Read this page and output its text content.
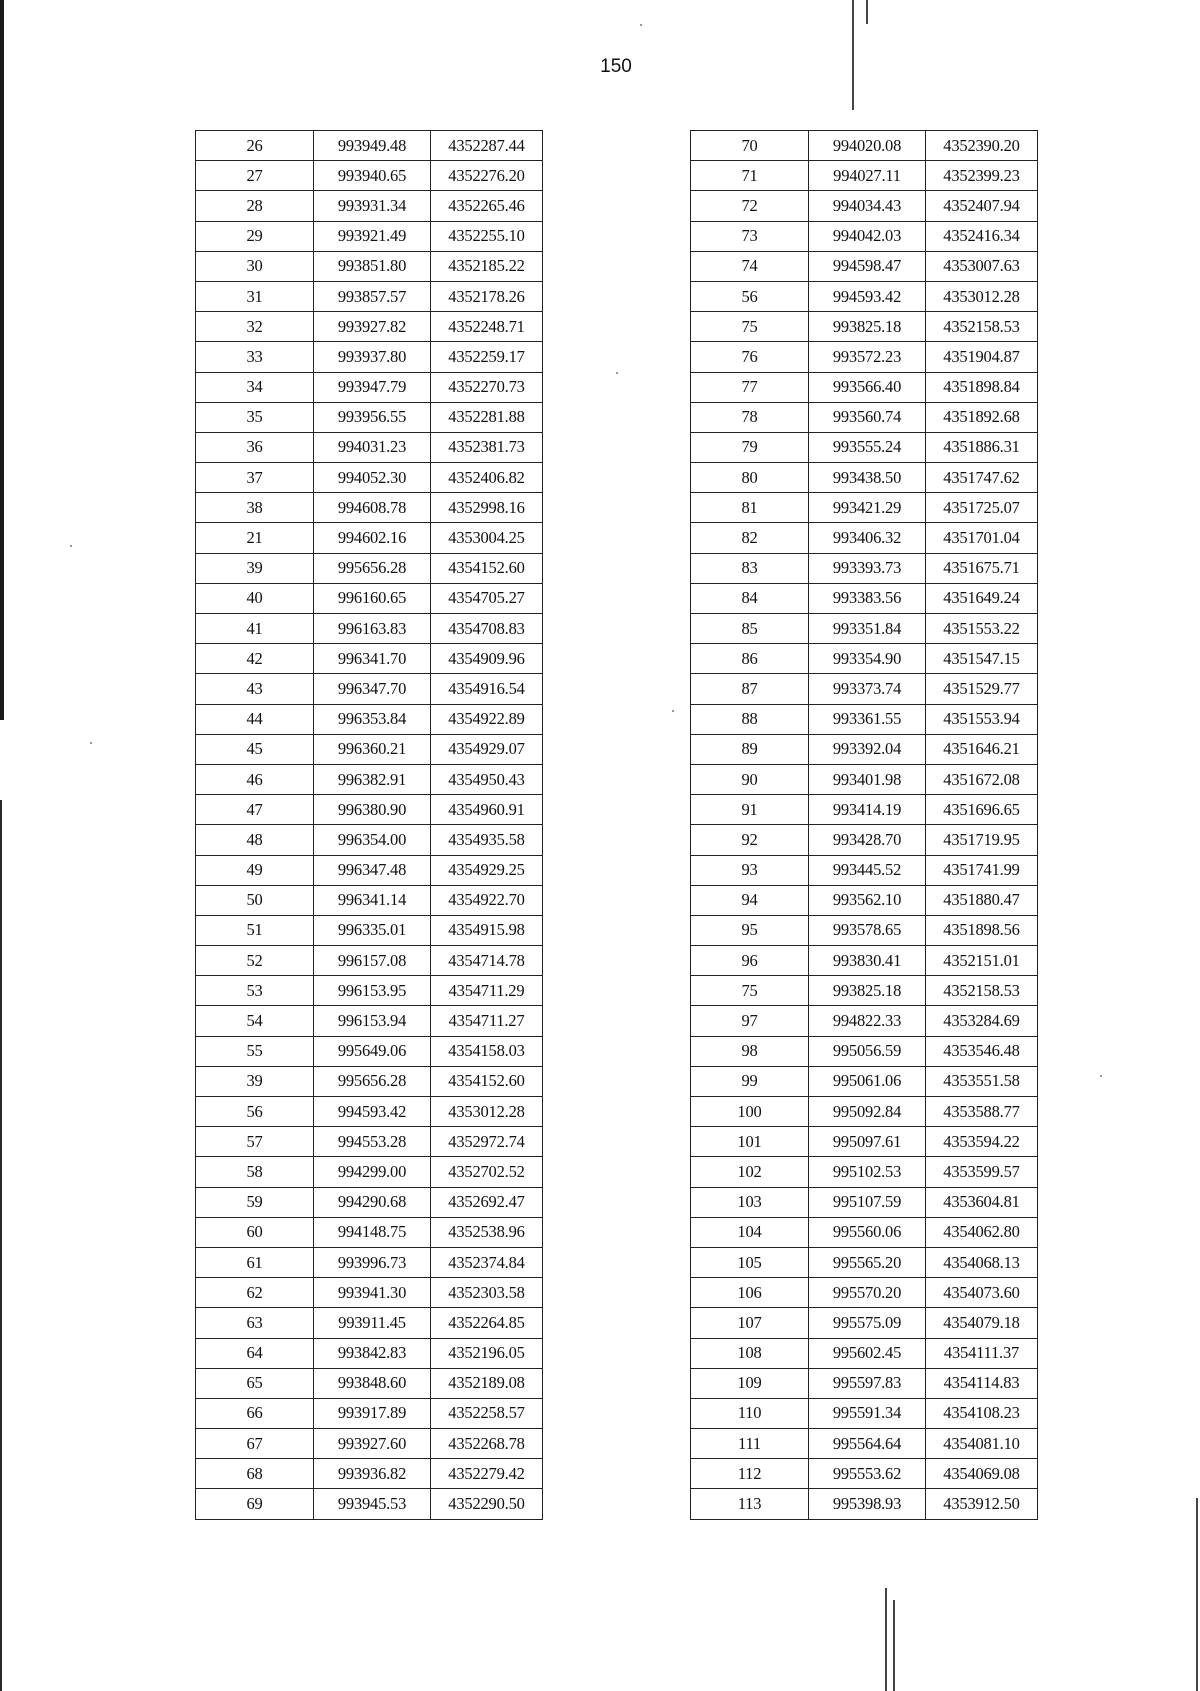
150
26	993949.48	4352287.44
27	993940.65	4352276.20
28	993931.34	4352265.46
29	993921.49	4352255.10
30	993851.80	4352185.22
31	993857.57	4352178.26
32	993927.82	4352248.71
33	993937.80	4352259.17
34	993947.79	4352270.73
35	993956.55	4352281.88
36	994031.23	4352381.73
37	994052.30	4352406.82
38	994608.78	4352998.16
21	994602.16	4353004.25
39	995656.28	4354152.60
40	996160.65	4354705.27
41	996163.83	4354708.83
42	996341.70	4354909.96
43	996347.70	4354916.54
44	996353.84	4354922.89
45	996360.21	4354929.07
46	996382.91	4354950.43
47	996380.90	4354960.91
48	996354.00	4354935.58
49	996347.48	4354929.25
50	996341.14	4354922.70
51	996335.01	4354915.98
52	996157.08	4354714.78
53	996153.95	4354711.29
54	996153.94	4354711.27
55	995649.06	4354158.03
39	995656.28	4354152.60
56	994593.42	4353012.28
57	994553.28	4352972.74
58	994299.00	4352702.52
59	994290.68	4352692.47
60	994148.75	4352538.96
61	993996.73	4352374.84
62	993941.30	4352303.58
63	993911.45	4352264.85
64	993842.83	4352196.05
65	993848.60	4352189.08
66	993917.89	4352258.57
67	993927.60	4352268.78
68	993936.82	4352279.42
69	993945.53	4352290.50
70	994020.08	4352390.20
71	994027.11	4352399.23
72	994034.43	4352407.94
73	994042.03	4352416.34
74	994598.47	4353007.63
56	994593.42	4353012.28
75	993825.18	4352158.53
76	993572.23	4351904.87
77	993566.40	4351898.84
78	993560.74	4351892.68
79	993555.24	4351886.31
80	993438.50	4351747.62
81	993421.29	4351725.07
82	993406.32	4351701.04
83	993393.73	4351675.71
84	993383.56	4351649.24
85	993351.84	4351553.22
86	993354.90	4351547.15
87	993373.74	4351529.77
88	993361.55	4351553.94
89	993392.04	4351646.21
90	993401.98	4351672.08
91	993414.19	4351696.65
92	993428.70	4351719.95
93	993445.52	4351741.99
94	993562.10	4351880.47
95	993578.65	4351898.56
96	993830.41	4352151.01
75	993825.18	4352158.53
97	994822.33	4353284.69
98	995056.59	4353546.48
99	995061.06	4353551.58
100	995092.84	4353588.77
101	995097.61	4353594.22
102	995102.53	4353599.57
103	995107.59	4353604.81
104	995560.06	4354062.80
105	995565.20	4354068.13
106	995570.20	4354073.60
107	995575.09	4354079.18
108	995602.45	4354111.37
109	995597.83	4354114.83
110	995591.34	4354108.23
111	995564.64	4354081.10
112	995553.62	4354069.08
113	995398.93	4353912.50
